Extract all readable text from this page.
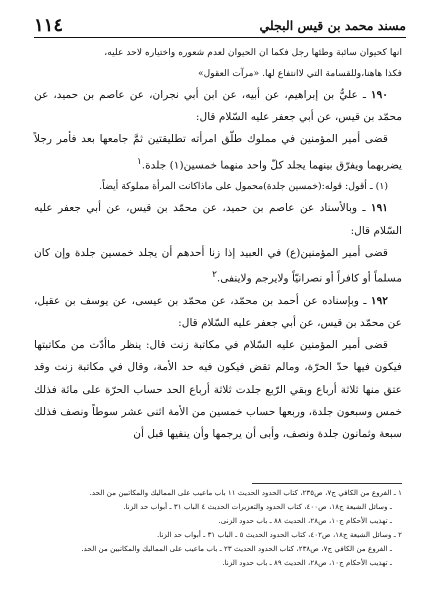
مسند محمد بن قيس البجلي
١١٤

انها كحيوان سائبة وطئها رجل فكما ان الحيوان لعدم شعوره واختياره لاحد عليه،
فكذا هاهنا،وللقسامة التي لاانتفاع لها. «مرآت العقول»

١٩٠ ـ عليُّ بن إبراهيم، عن أبيه، عن ابن أبي نجران، عن عاصم بن حميد، عن محمّد بن قيس، عن أبي جعفر عليه السّلام قال:

قضى أمير المؤمنين في مملوك طلّق امرأته تطليقتين ثمَّ جامعها بعد فأمر رجلاً يضربهما ويفرّق بينهما يجلد كلّ واحد منهما خمسين(١) جلدة.$^١$

(١) ـ أقول: قوله:(خمسين جلدة)محمول على ماذاكانت المرأة مملوكة أيضاً.

١٩١ ـ وبالأسناد عن عاصم بن حميد، عن محمّد بن قيس، عن أبي جعفر عليه السّلام قال:

قضى أمير المؤمنين(ع) في العبيد إذا زنا أحدهم أن يجلد خمسين جلدة وإن كان مسلماً أو كافراً أو نصرانيّاً ولايرجم ولاينفى.$^٢$

١٩٢ ـ وبإسناده عن أحمد بن محمّد، عن محمّد بن عيسى، عن يوسف بن عقيل، عن محمّد بن قيس، عن أبي جعفر عليه السّلام قال:

قضى أمير المؤمنين عليه السّلام في مكاتبة زنت قال: ينظر ماأدّت من مكاتبتها فيكون فيها حدّ الحرّة، ومالم تقض فيكون فيه حد الأمة، وقال في مكاتبة زنت وقد عتق منها ثلاثة أرباع وبقي الرّبع جلدت ثلاثة أرباع الحد حساب الحرّة على مائة فذلك خمس وسبعون جلدة، وربعها حساب خمسين من الأمة اثنى عشر سوطاً ونصف فذلك سبعة وثمانون جلدة ونصف، وأبى أن يرجمها وأن ينفيها قبل أن

١ ـ الفروع من الكافي ج٧، ص٢٣٥، كتاب الحدود الحديث ١١ باب ماعيب على المماليك والمكاتبين من الحد.
ـ وسائل الشيعة ج١٨، ص٤٠٠، كتاب الحدود والتعزيرات الحديث ٤ الباب ٣١ ـ أبواب حد الزنا.
ـ تهذيب الأحكام ج١٠، ص٢٨، الحديث ٨٨ ـ باب حدود الزنى.
٢ ـ وسائل الشيعة ج١٨، ص٤٠٢، كتاب الحدود الحديث ٥ ـ الباب ٣١ ـ أبواب حد الزنا.
ـ الفروع من الكافي ج٧، ص٢٣٨، كتاب الحدود الحديث ٢٣ ـ باب ماعيب على المماليك والمكاتبين من الحد.
ـ تهذيب الأحكام ج١٠، ص٢٨، الحديث ٨٩ ـ باب حدود الزنا.
